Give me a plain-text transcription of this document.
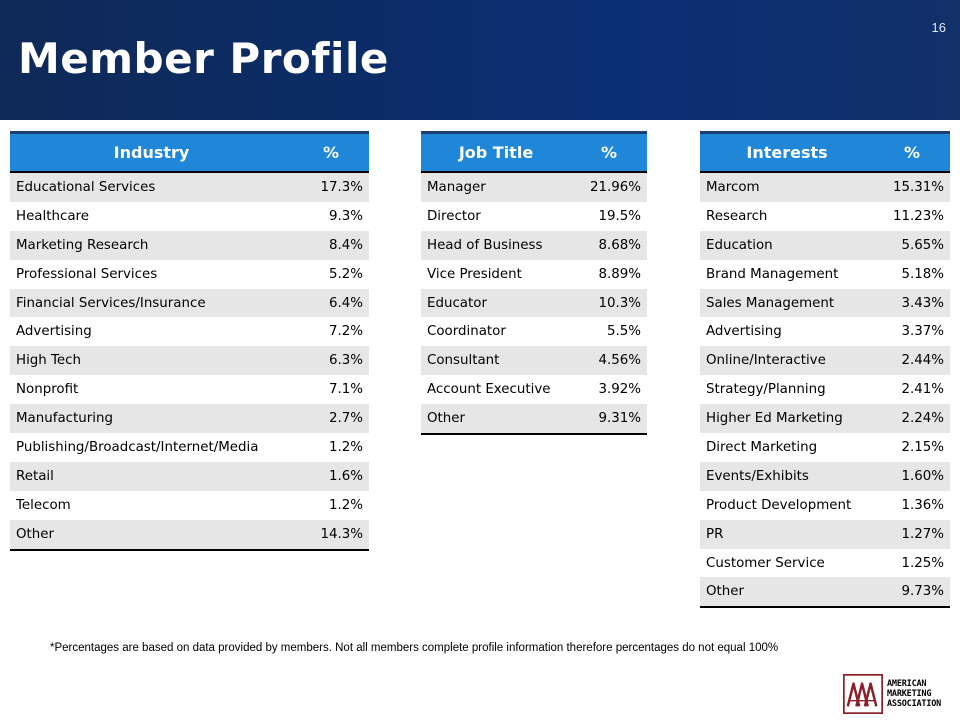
Member Profile
16
Industry	%
Educational Services	17.3%
Healthcare	9.3%
Marketing Research	8.4%
Professional Services	5.2%
Financial Services/Insurance	6.4%
Advertising	7.2%
High Tech	6.3%
Nonprofit	7.1%
Manufacturing	2.7%
Publishing/Broadcast/Internet/Media	1.2%
Retail	1.6%
Telecom	1.2%
Other	14.3%
Job Title	%
Manager	21.96%
Director	19.5%
Head of Business	8.68%
Vice President	8.89%
Educator	10.3%
Coordinator	5.5%
Consultant	4.56%
Account Executive	3.92%
Other	9.31%
Interests	%
Marcom	15.31%
Research	11.23%
Education	5.65%
Brand Management	5.18%
Sales Management	3.43%
Advertising	3.37%
Online/Interactive	2.44%
Strategy/Planning	2.41%
Higher Ed Marketing	2.24%
Direct Marketing	2.15%
Events/Exhibits	1.60%
Product Development	1.36%
PR	1.27%
Customer Service	1.25%
Other	9.73%
*Percentages are based on data provided by members. Not all members complete profile information therefore percentages do not equal 100%
AMERICAN
MARKETING
ASSOCIATION
